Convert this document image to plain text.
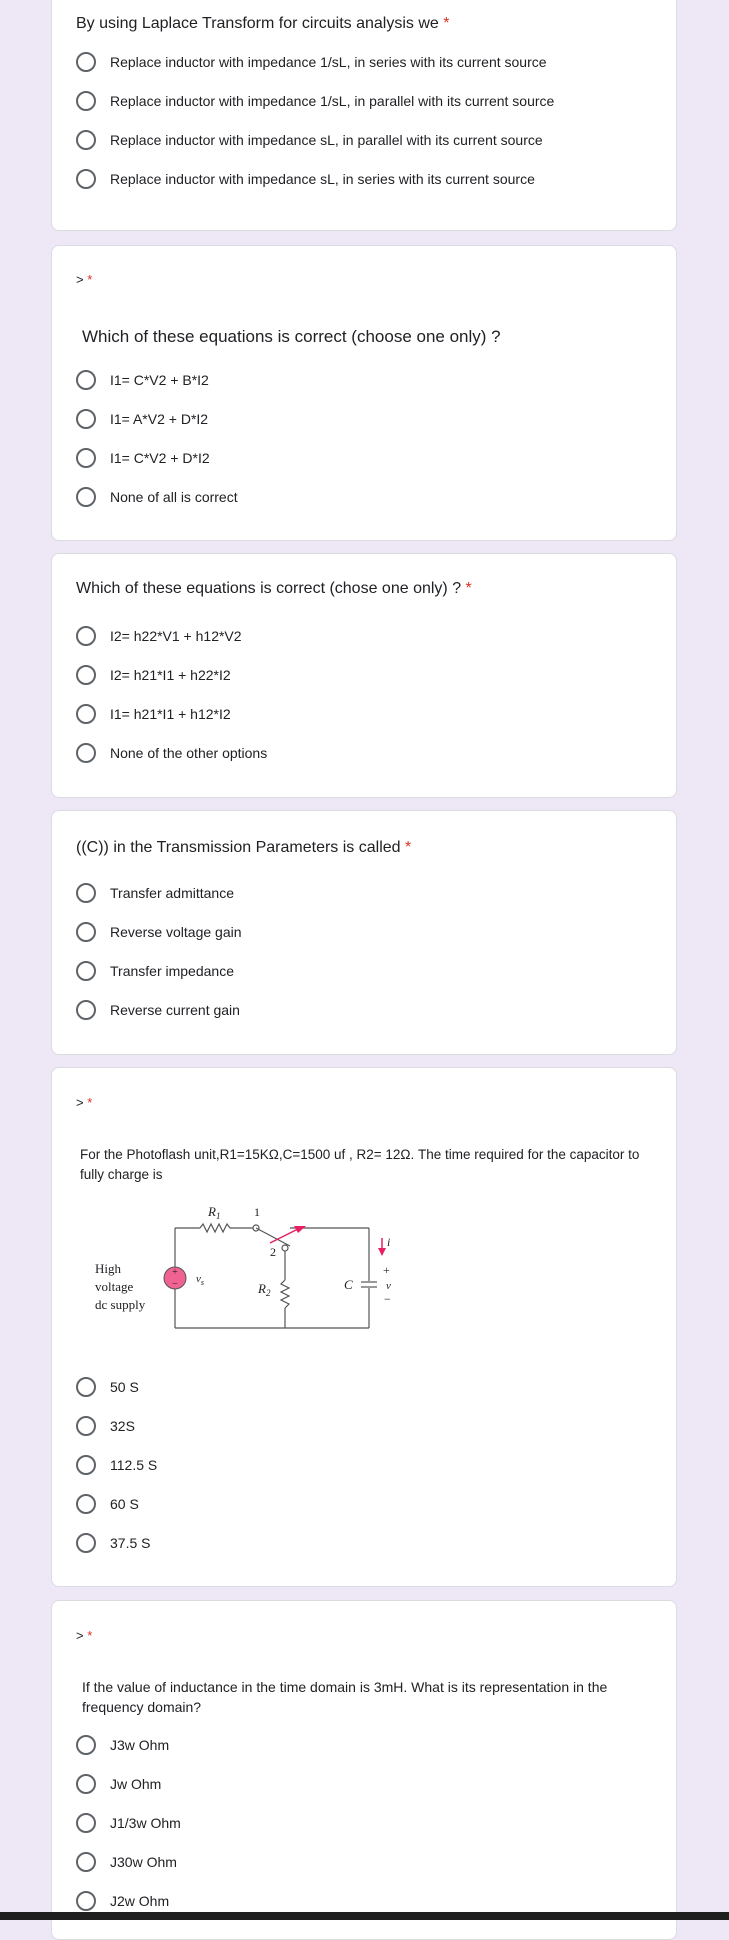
By using Laplace Transform for circuits analysis we *
Replace inductor with impedance 1/sL, in series with its current source
Replace inductor with impedance 1/sL, in parallel with its current source
Replace inductor with impedance sL, in parallel with its current source
Replace inductor with impedance sL, in series with its current source
> *
Which of these equations is correct (choose one only) ?
I1= C*V2 + B*I2
I1= A*V2 + D*I2
I1= C*V2 + D*I2
None of all is correct
Which of these equations is correct (chose one only) ? *
I2= h22*V1 + h12*V2
I2= h21*I1 + h22*I2
I1= h21*I1 + h12*I2
None of the other options
((C)) in the Transmission Parameters is called *
Transfer admittance
Reverse voltage gain
Transfer impedance
Reverse current gain
> *
For the Photoflash unit,R1=15KΩ,C=1500 uf , R2= 12Ω. The time required for the capacitor to fully charge is
+
−
$R_1$	1
2
$R_2$
C
$v_s$
i
+
v
−
High
voltage
dc supply
50 S
32S
112.5 S
60 S
37.5 S
> *
If the value of inductance in the time domain is 3mH. What is its representation in the frequency domain?
J3w Ohm
Jw Ohm
J1/3w Ohm
J30w Ohm
J2w Ohm
